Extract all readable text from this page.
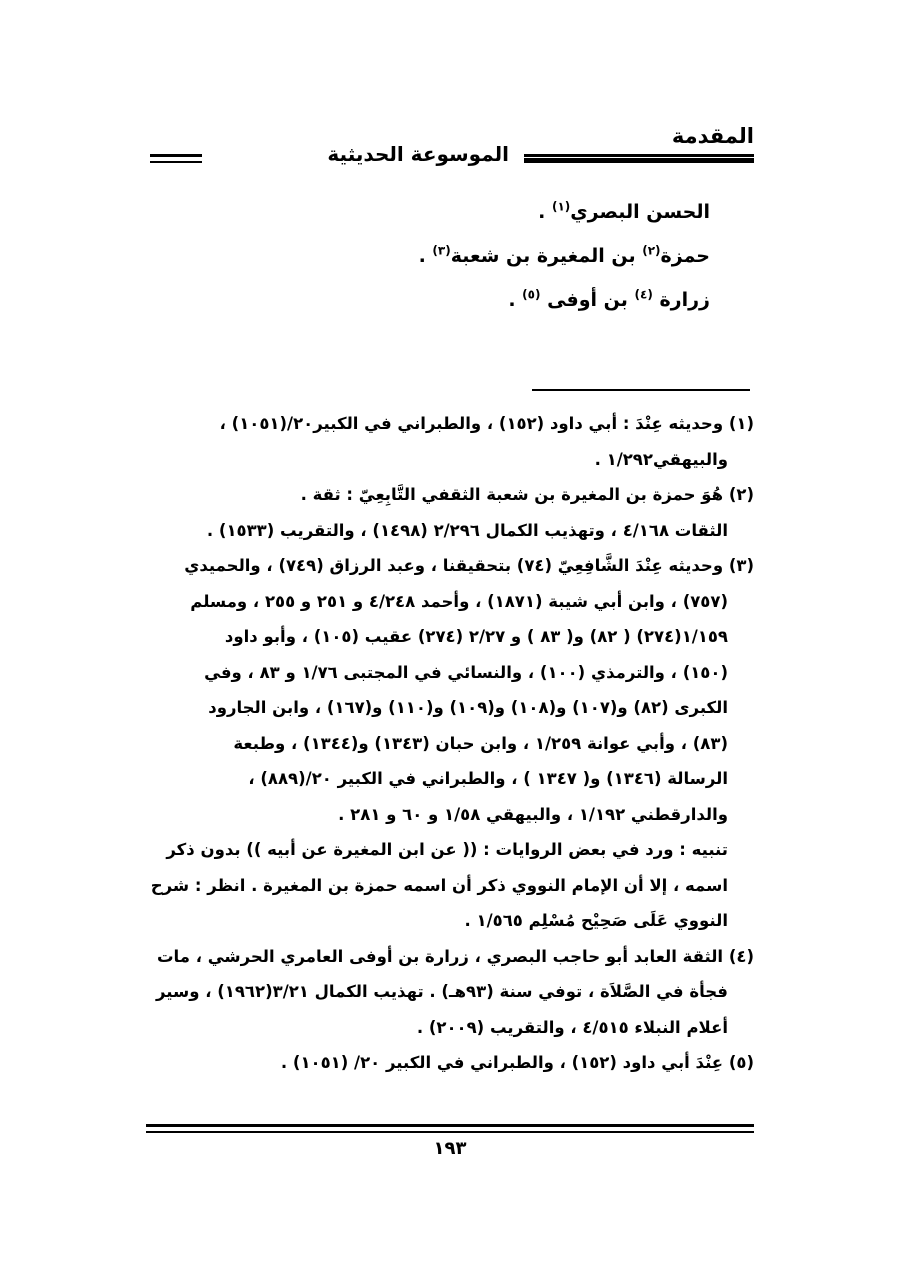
المقدمة
الموسوعة الحديثية
الحسن البصري$^{(١)}$ .
حمزة$^{(٢)}$ بن المغيرة بن شعبة$^{(٣)}$ .
زرارة $^{(٤)}$ بن أوفى $^{(٥)}$ .

(١) وحديثه عِنْدَ : أبي داود (١٥٢) ، والطبراني في الكبير٢٠/(١٠٥١) ،

والبيهقي١/٢٩٢ .

(٢) هُوَ حمزة بن المغيرة بن شعبة الثقفي التَّابِعِيّ : ثقة .

الثقات ٤/١٦٨ ، وتهذيب الكمال ٢/٢٩٦ (١٤٩٨) ، والتقريب (١٥٣٣) .

(٣) وحديثه عِنْدَ الشَّافِعِيّ (٧٤) بتحقيقنا ، وعبد الرزاق (٧٤٩) ، والحميدي

(٧٥٧) ، وابن أبي شيبة (١٨٧١) ، وأحمد ٤/٢٤٨ و ٢٥١ و ٢٥٥ ، ومسلم

١/١٥٩(٢٧٤) ( ٨٢) و( ٨٣ ) و ٢/٢٧ (٢٧٤) عقيب (١٠٥) ، وأبو داود

(١٥٠) ، والترمذي (١٠٠) ، والنسائي في المجتبى ١/٧٦ و ٨٣ ، وفي

الكبرى (٨٢) و(١٠٧) و(١٠٨) و(١٠٩) و(١١٠) و(١٦٧) ، وابن الجارود

(٨٣) ، وأبي عوانة ١/٢٥٩ ، وابن حبان (١٣٤٣) و(١٣٤٤) ، وطبعة

الرسالة (١٣٤٦) و( ١٣٤٧ ) ، والطبراني في الكبير ٢٠/(٨٨٩) ،

والدارقطني ١/١٩٢ ، والبيهقي ١/٥٨ و ٦٠ و ٢٨١ .

تنبيه : ورد في بعض الروايات : (( عن ابن المغيرة عن أبيه )) بدون ذكر

اسمه ، إلا أن الإمام النووي ذكر أن اسمه حمزة بن المغيرة . انظر : شرح

النووي عَلَى صَحِيْح مُسْلِم ١/٥٦٥ .

(٤) الثقة العابد أبو حاجب البصري ، زرارة بن أوفى العامري الحرشي ، مات

فجأة في الصَّلاَة ، توفي سنة (٩٣هـ) . تهذيب الكمال ٣/٢١(١٩٦٢) ، وسير

أعلام النبلاء ٤/٥١٥ ، والتقريب (٢٠٠٩) .

(٥) عِنْدَ أبي داود (١٥٢) ، والطبراني في الكبير ٢٠/ (١٠٥١) .

١٩٣
